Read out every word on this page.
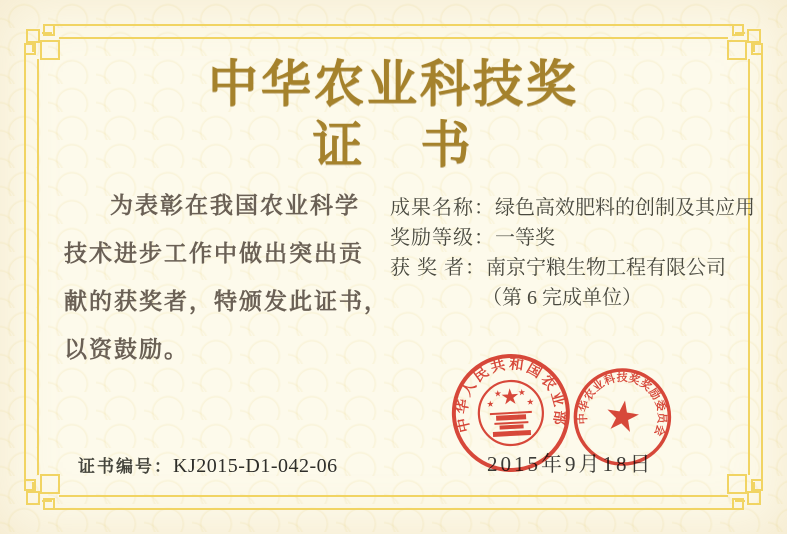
中华农业科技奖
证　书
为表彰在我国农业科学
技术进步工作中做出突出贡
献的获奖者，特颁发此证书，
以资鼓励。
成果名称：绿色高效肥料的创制及其应用
奖励等级：一等奖
获 奖 者：南京宁粮生物工程有限公司
（第 6 完成单位）
2015年9月18日
中华人民共和国农业部 中华农业科技奖奖励委员会
证书编号：KJ2015-D1-042-06
